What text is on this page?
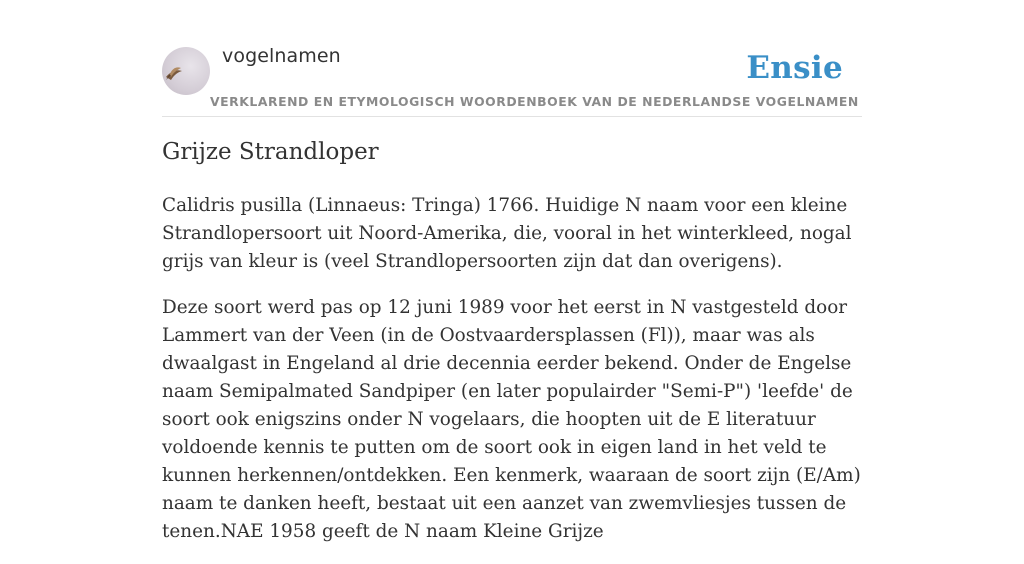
vogelnamen	Ensie
VERKLAREND EN ETYMOLOGISCH WOORDENBOEK VAN DE NEDERLANDSE VOGELNAMEN
Grijze Strandloper

Calidris pusilla (Linnaeus: Tringa) 1766. Huidige N naam voor een kleine Strandlopersoort uit Noord-Amerika, die, vooral in het winterkleed, nogal grijs van kleur is (veel Strandlopersoorten zijn dat dan overigens).

Deze soort werd pas op 12 juni 1989 voor het eerst in N vastgesteld door Lammert van der Veen (in de Oostvaardersplassen (Fl)), maar was als dwaalgast in Engeland al drie decennia eerder bekend. Onder de Engelse naam Semipalmated Sandpiper (en later populairder "Semi-P") 'leefde' de soort ook enigszins onder N vogelaars, die hoopten uit de E literatuur voldoende kennis te putten om de soort ook in eigen land in het veld te kunnen herkennen/ontdekken. Een kenmerk, waaraan de soort zijn (E/Am) naam te danken heeft, bestaat uit een aanzet van zwemvliesjes tussen de tenen.NAE 1958 geeft de N naam Kleine Grijze
